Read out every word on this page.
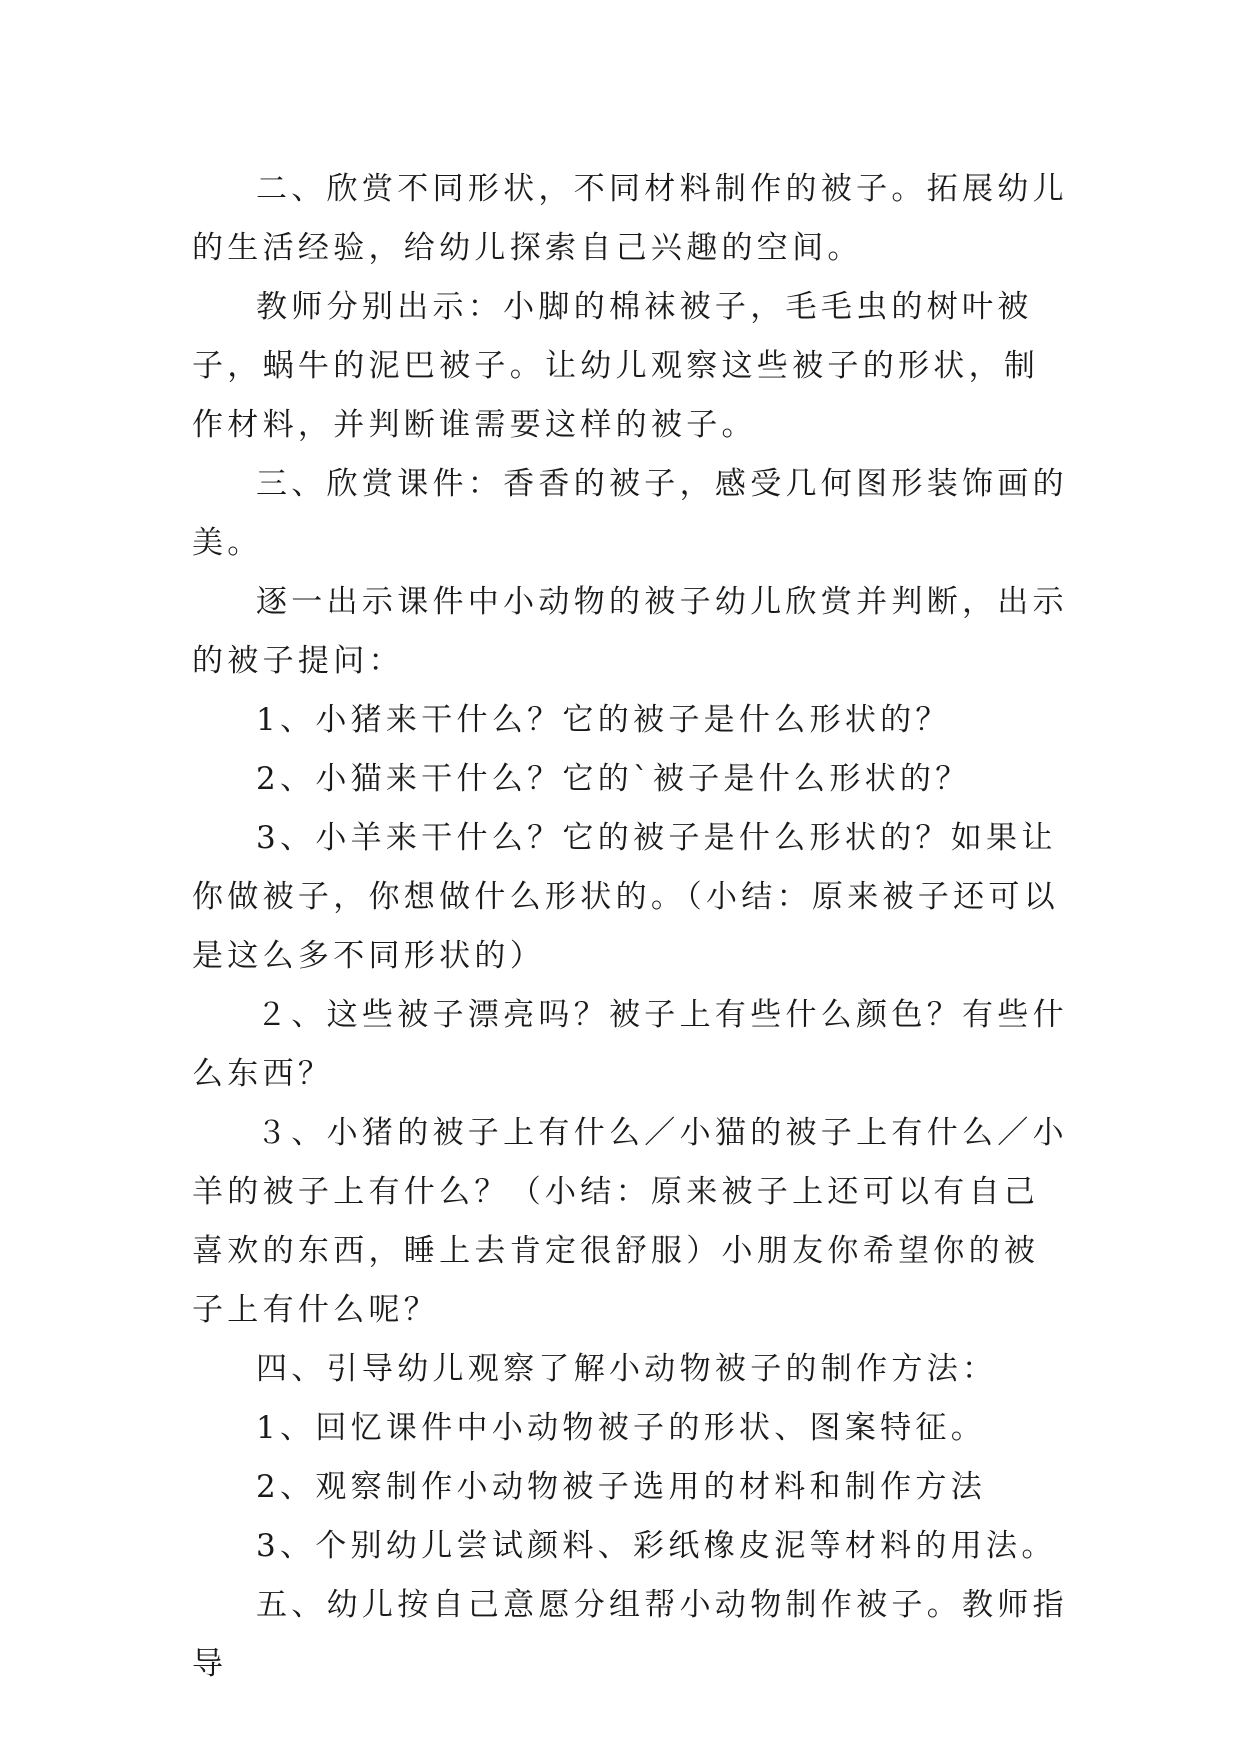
二、欣赏不同形状，不同材料制作的被子。拓展幼儿的生活经验，给幼儿探索自己兴趣的空间。

教师分别出示：小脚的棉袜被子，毛毛虫的树叶被子，蜗牛的泥巴被子。让幼儿观察这些被子的形状，制作材料，并判断谁需要这样的被子。

三、欣赏课件：香香的被子，感受几何图形装饰画的美。

逐一出示课件中小动物的被子幼儿欣赏并判断，出示的被子提问：

1、小猪来干什么？它的被子是什么形状的？

2、小猫来干什么？它的`被子是什么形状的？

3、小羊来干什么？它的被子是什么形状的？如果让你做被子，你想做什么形状的。（小结：原来被子还可以是这么多不同形状的）

２、这些被子漂亮吗？被子上有些什么颜色？有些什么东西？

３、小猪的被子上有什么／小猫的被子上有什么／小羊的被子上有什么？（小结：原来被子上还可以有自己喜欢的东西，睡上去肯定很舒服）小朋友你希望你的被子上有什么呢？

四、引导幼儿观察了解小动物被子的制作方法：

1、回忆课件中小动物被子的形状、图案特征。

2、观察制作小动物被子选用的材料和制作方法

3、个别幼儿尝试颜料、彩纸橡皮泥等材料的用法。

五、幼儿按自己意愿分组帮小动物制作被子。教师指导
